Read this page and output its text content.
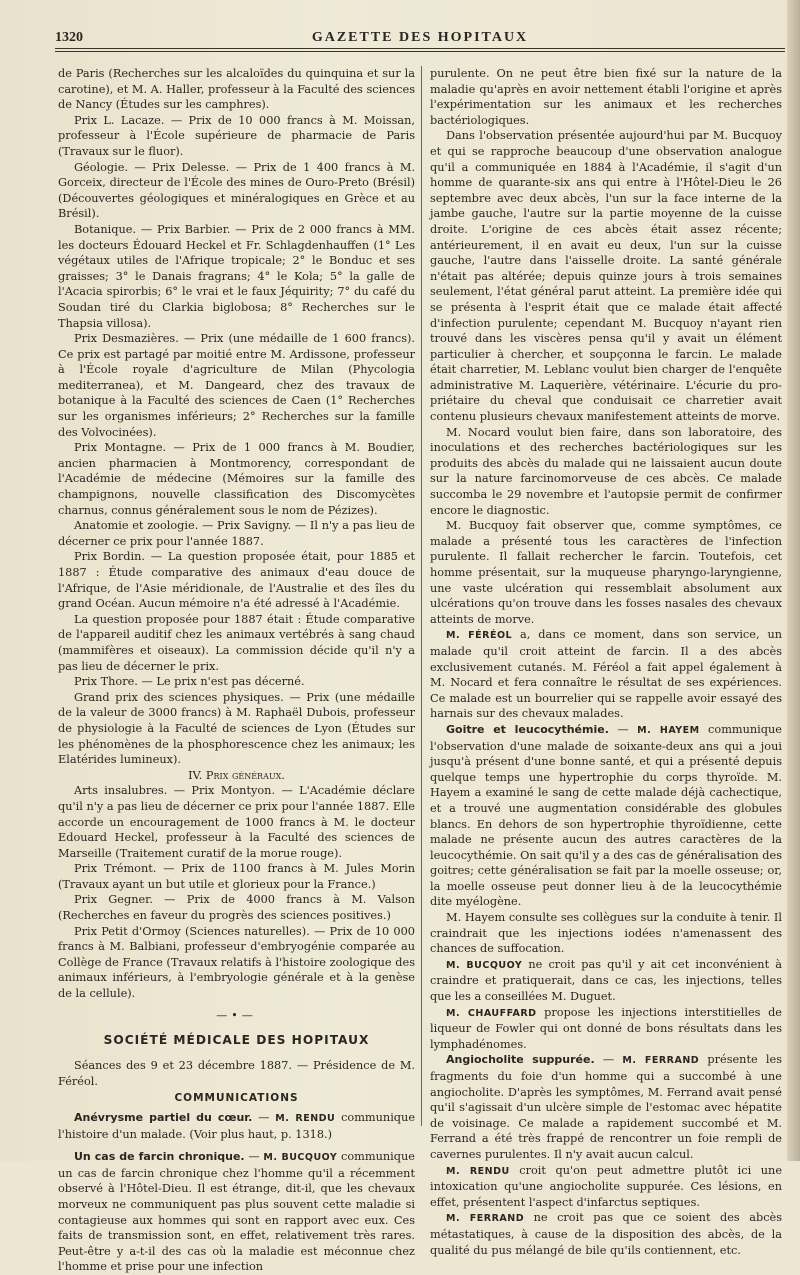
1320	GAZETTE DES HOPITAUX

de Paris (Recherches sur les alcaloïdes du quinquina et sur la carotine), et M. A. Haller, professeur à la Faculté des sciences de Nancy (Études sur les camphres).

Prix L. Lacaze. — Prix de 10 000 francs à M. Moissan, professeur à l'École supérieure de pharmacie de Paris (Travaux sur le fluor).

Géologie. — Prix Delesse. — Prix de 1 400 francs à M. Gorceix, directeur de l'École des mines de Ouro-Preto (Brésil) (Découvertes géologiques et minéralogiques en Grèce et au Brésil).

Botanique. — Prix Barbier. — Prix de 2 000 francs à MM. les docteurs Édouard Heckel et Fr. Schlagdenhauffen (1° Les végétaux utiles de l'Afrique tropicale; 2° le Bonduc et ses graisses; 3° le Danais fragrans; 4° le Kola; 5° la galle de l'Acacia spirorbis; 6° le vrai et le faux Jéquirity; 7° du café du Soudan tiré du Clarkia biglobosa; 8° Recherches sur le Thapsia villosa).

Prix Desmazières. — Prix (une médaille de 1 600 francs). Ce prix est partagé par moitié entre M. Ardissone, professeur à l'École royale d'agriculture de Milan (Phycologia mediterranea), et M. Dangeard, chez des travaux de botanique à la Faculté des sciences de Caen (1° Recherches sur les organismes inférieurs; 2° Recherches sur la famille des Volvocinées).

Prix Montagne. — Prix de 1 000 francs à M. Boudier, ancien pharmacien à Montmorency, correspondant de l'Académie de médecine (Mémoires sur la famille des champignons, nouvelle classification des Discomycètes charnus, connus généralement sous le nom de Pézizes).

Anatomie et zoologie. — Prix Savigny. — Il n'y a pas lieu de décerner ce prix pour l'année 1887.

Prix Bordin. — La question proposée était, pour 1885 et 1887 : Étude comparative des animaux d'eau douce de l'Afrique, de l'Asie méridionale, de l'Australie et des îles du grand Océan. Aucun mémoire n'a été adressé à l'Académie.

La question proposée pour 1887 était : Étude comparative de l'appareil auditif chez les animaux vertébrés à sang chaud (mammifères et oiseaux). La commission décide qu'il n'y a pas lieu de décerner le prix.

Prix Thore. — Le prix n'est pas décerné.

Grand prix des sciences physiques. — Prix (une médaille de la valeur de 3000 francs) à M. Raphaël Dubois, professeur de physiologie à la Faculté de sciences de Lyon (Études sur les phénomènes de la phosphorescence chez les animaux; les Elatérides lumineux).

IV. Prix généraux.

Arts insalubres. — Prix Montyon. — L'Académie déclare qu'il n'y a pas lieu de décerner ce prix pour l'année 1887. Elle accorde un encouragement de 1000 francs à M. le docteur Edouard Heckel, professeur à la Faculté des sciences de Marseille (Traitement curatif de la morue rouge).

Prix Trémont. — Prix de 1100 francs à M. Jules Morin (Travaux ayant un but utile et glorieux pour la France.)

Prix Gegner. — Prix de 4000 francs à M. Valson (Recherches en faveur du progrès des sciences positives.)

Prix Petit d'Ormoy (Sciences naturelles). — Prix de 10 000 francs à M. Balbiani, professeur d'embryogénie comparée au Collège de France (Travaux relatifs à l'histoire zoologique des animaux inférieurs, à l'embryologie générale et à la genèse de la cellule).

—•—
SOCIÉTÉ MÉDICALE DES HOPITAUX

Séances des 9 et 23 décembre 1887. — Présidence de M. Féréol.

COMMUNICATIONS

Anévrysme partiel du cœur. — M. RENDU communique l'histoire d'un malade. (Voir plus haut, p. 1318.)

Un cas de farcin chronique. — M. BUCQUOY communique un cas de farcin chronique chez l'homme qu'il a récemment observé à l'Hôtel-Dieu. Il est étrange, dit-il, que les chevaux morveux ne communiquent pas plus souvent cette maladie si contagieuse aux hommes qui sont en rapport avec eux. Ces faits de transmission sont, en effet, relativement très rares. Peut-être y a-t-il des cas où la maladie est méconnue chez l'homme et prise pour une infection

purulente. On ne peut être bien fixé sur la nature de la maladie qu'après en avoir nettement établi l'origine et après l'expérimentation sur les animaux et les recherches bactériologiques.

Dans l'observation présentée aujourd'hui par M. Bucquoy et qui se rapproche beaucoup d'une observation analogue qu'il a communiquée en 1884 à l'Académie, il s'agit d'un homme de quarante-six ans qui entre à l'Hôtel-Dieu le 26 septembre avec deux abcès, l'un sur la face interne de la jambe gauche, l'autre sur la partie moyenne de la cuisse droite. L'origine de ces abcès était assez récente; antérieurement, il en avait eu deux, l'un sur la cuisse gauche, l'autre dans l'aisselle droite. La santé générale n'était pas altérée; depuis quinze jours à trois semaines seulement, l'état général parut atteint. La première idée qui se présenta à l'esprit était que ce malade était affecté d'infection purulente; cependant M. Bucquoy n'ayant rien trouvé dans les viscères pensa qu'il y avait un élément particulier à chercher, et soupçonna le farcin. Le malade était charretier, M. Leblanc voulut bien charger de l'enquête administrative M. Laquerière, vétérinaire. L'écurie du propriétaire du cheval que conduisait ce charretier avait contenu plusieurs chevaux manifestement atteints de morve.

M. Nocard voulut bien faire, dans son laboratoire, des inoculations et des recherches bactériologiques sur les produits des abcès du malade qui ne laissaient aucun doute sur la nature farcinomorveuse de ces abcès. Ce malade succomba le 29 novembre et l'autopsie permit de confirmer encore le diagnostic.

M. Bucquoy fait observer que, comme symptômes, ce malade a présenté tous les caractères de l'infection purulente. Il fallait rechercher le farcin. Toutefois, cet homme présentait, sur la muqueuse pharyngo-laryngienne, une vaste ulcération qui ressemblait absolument aux ulcérations qu'on trouve dans les fosses nasales des chevaux atteints de morve.

M. FÉRÉOL a, dans ce moment, dans son service, un malade qu'il croit atteint de farcin. Il a des abcès exclusivement cutanés. M. Féréol a fait appel également à M. Nocard et fera connaître le résultat de ses expériences. Ce malade est un bourrelier qui se rappelle avoir essayé des harnais sur des chevaux malades.

Goitre et leucocythémie. — M. HAYEM communique l'observation d'une malade de soixante-deux ans qui a joui jusqu'à présent d'une bonne santé, et qui a présenté depuis quelque temps une hypertrophie du corps thyroïde. M. Hayem a examiné le sang de cette malade déjà cachectique, et a trouvé une augmentation considérable des globules blancs. En dehors de son hypertrophie thyroïdienne, cette malade ne présente aucun des autres caractères de la leucocythémie. On sait qu'il y a des cas de généralisation des goitres; cette généralisation se fait par la moelle osseuse; or, la moelle osseuse peut donner lieu à de la leucocythémie dite myélogène.

M. Hayem consulte ses collègues sur la conduite à tenir. Il craindrait que les injections iodées n'amenassent des chances de suffocation.

M. BUCQUOY ne croit pas qu'il y ait cet inconvénient à craindre et pratiquerait, dans ce cas, les injections, telles que les a conseillées M. Duguet.

M. CHAUFFARD propose les injections interstitielles de liqueur de Fowler qui ont donné de bons résultats dans les lymphadénomes.

Angiocholite suppurée. — M. FERRAND présente les fragments du foie d'un homme qui a succombé à une angiocholite. D'après les symptômes, M. Ferrand avait pensé qu'il s'agissait d'un ulcère simple de l'estomac avec hépatite de voisinage. Ce malade a rapidement succombé et M. Ferrand a été très frappé de rencontrer un foie rempli de cavernes purulentes. Il n'y avait aucun calcul.

M. RENDU croit qu'on peut admettre plutôt ici une intoxication qu'une angiocholite suppurée. Ces lésions, en effet, présentent l'aspect d'infarctus septiques.

M. FERRAND ne croit pas que ce soient des abcès métastatiques, à cause de la disposition des abcès, de la qualité du pus mélangé de bile qu'ils contiennent, etc.
